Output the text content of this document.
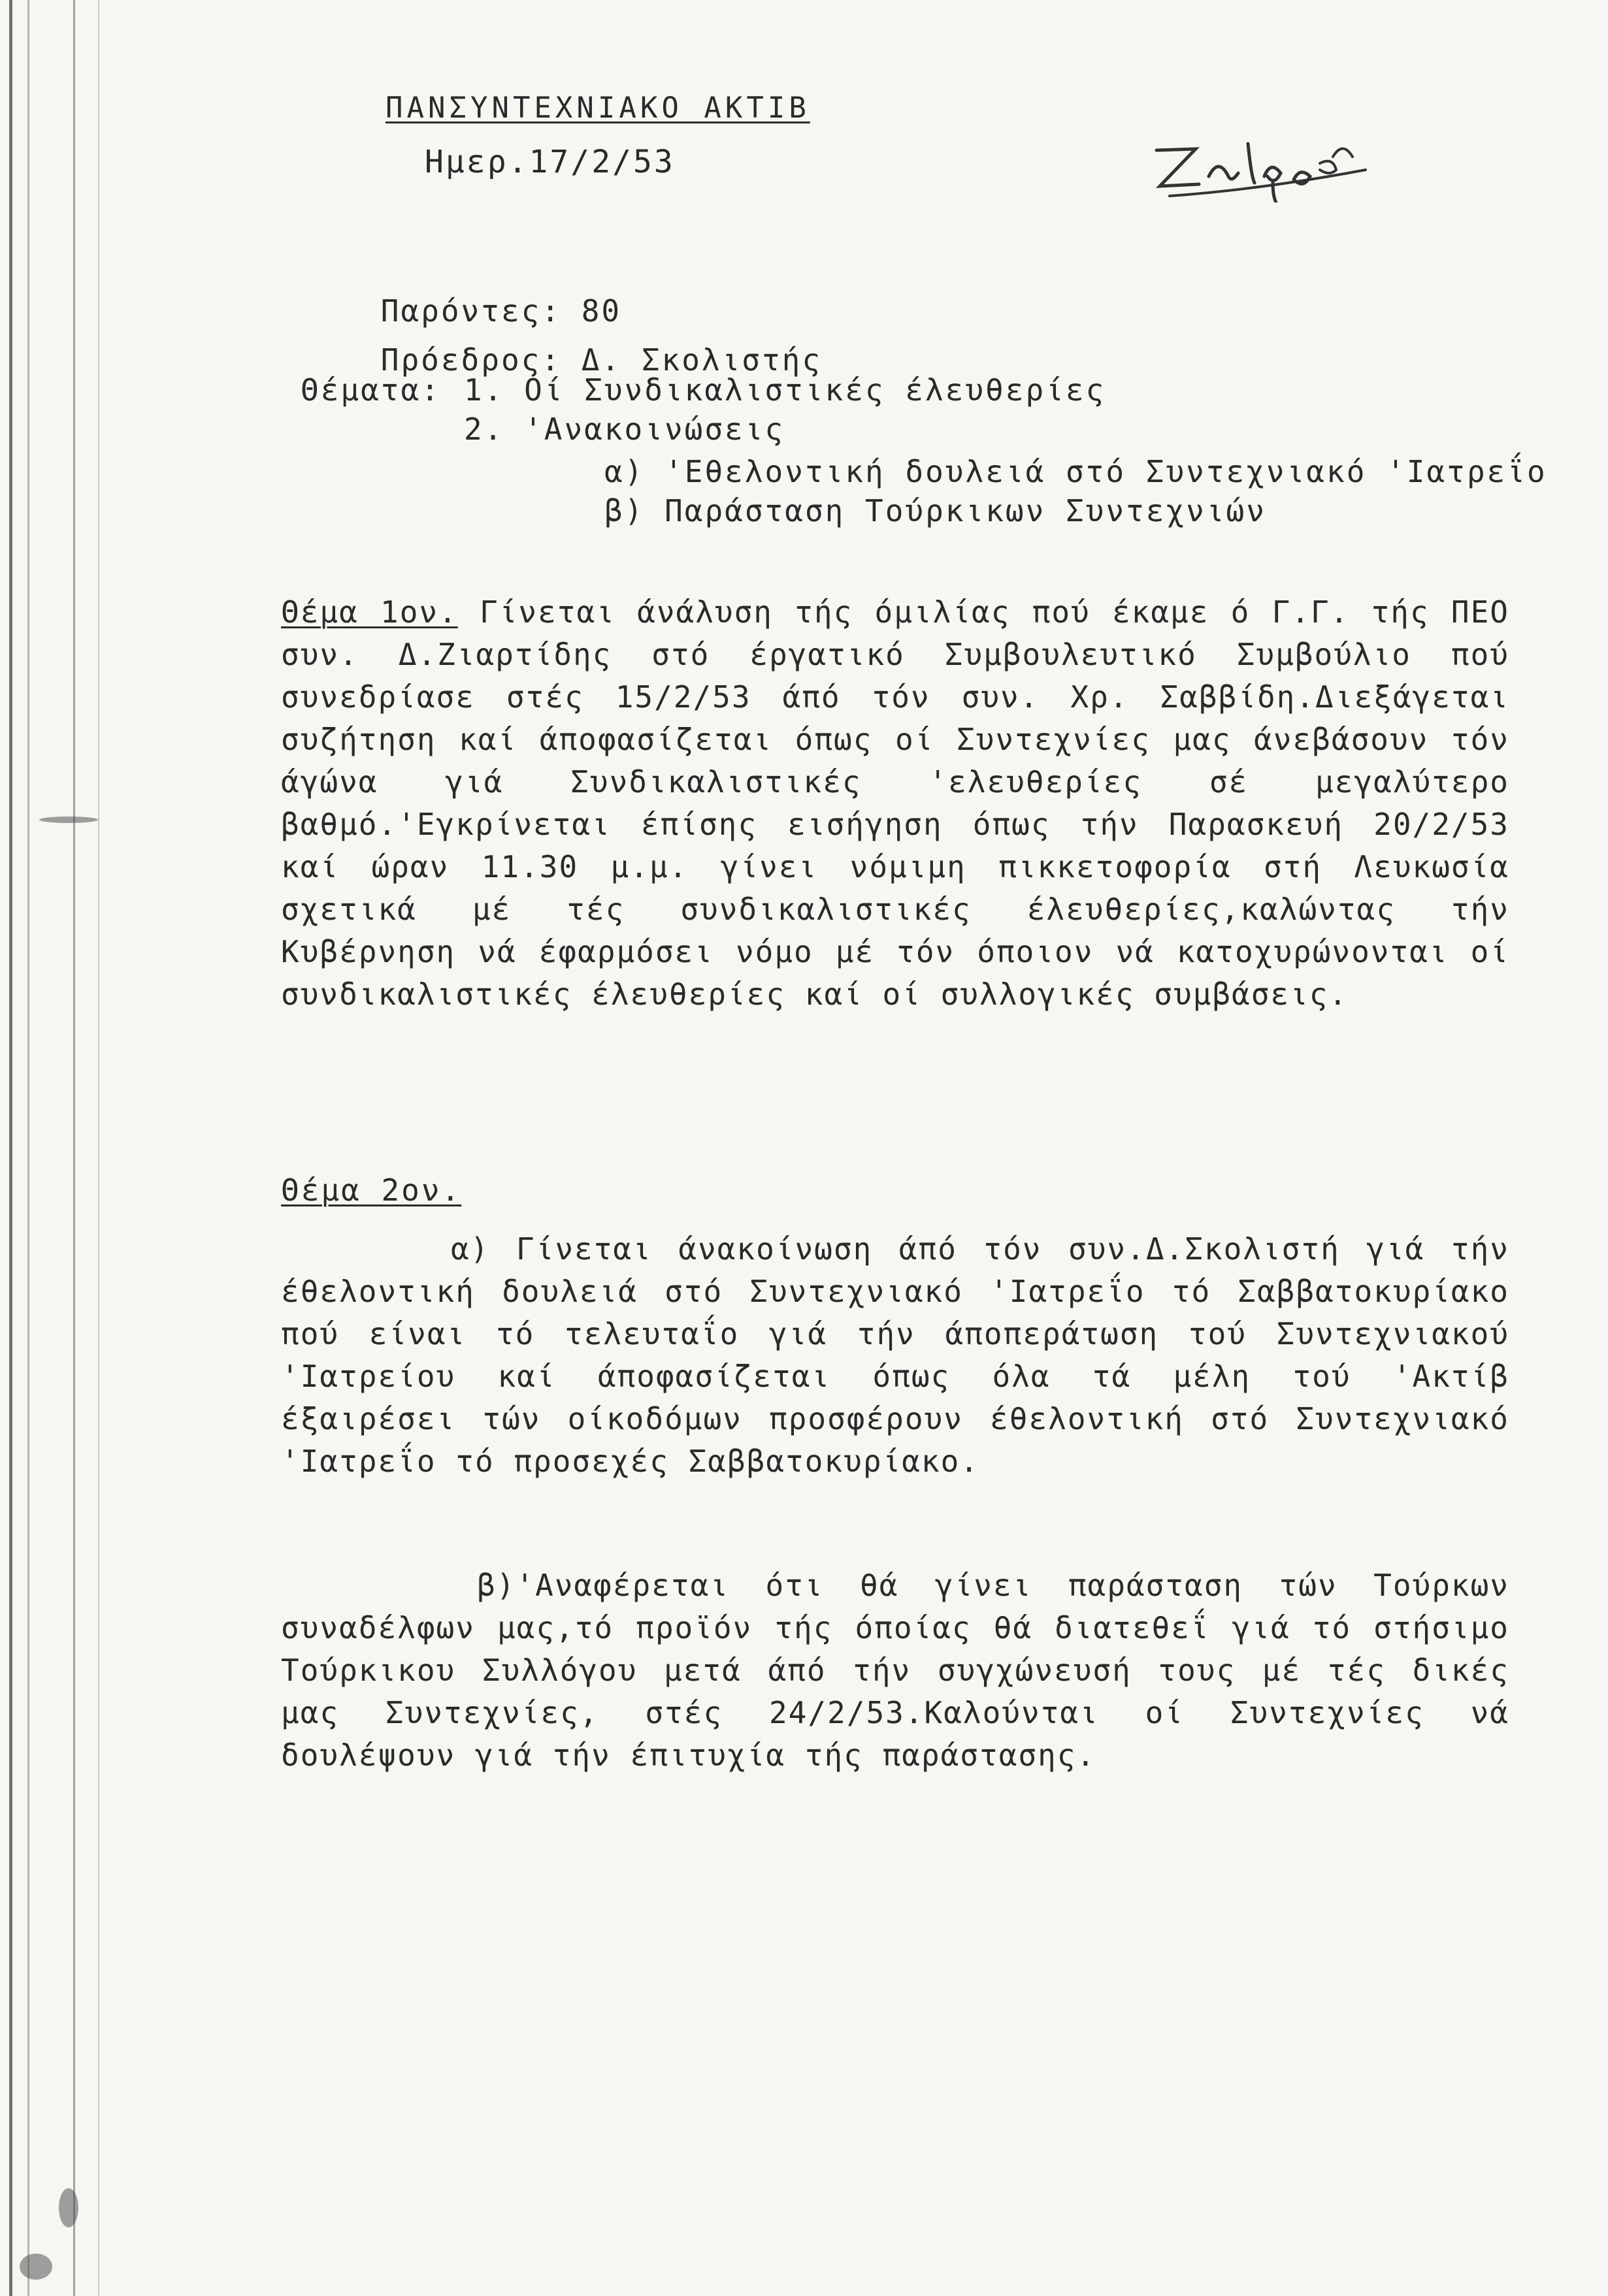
ΠΑΝΣΥΝΤΕΧΝΙΑΚΟ ΑΚΤΙΒ
Ημερ.17/2/53

Παρόντες: 80

Πρόεδρος: Δ. Σκολιστής

Θέματα: 1. Οί Συνδικαλιστικές έλευθερίες
2. 'Ανακοινώσεις
α) 'Εθελοντική δουλειά στό Συντεχνιακό 'Ιατρεΐο
β) Παράσταση Τούρκικων Συντεχνιών
Θέμα 1ον. Γίνεται άνάλυση τής όμιλίας πού έκαμε ό Γ.Γ. τής ΠΕΟ συν. Δ.Ζιαρτίδης στό έργατικό Συμβουλευτικό Συμβούλιο πού συνεδρίασε στές 15/2/53 άπό τόν συν. Χρ. Σαββίδη.Διεξάγεται συζήτηση καί άποφασίζεται όπως οί Συντεχνίες μας άνεβάσουν τόν άγώνα γιά Συνδικαλιστικές 'ελευθερίες σέ μεγαλύτερο βαθμό.'Εγκρίνεται έπίσης εισήγηση όπως τήν Παρασκευή 20/2/53 καί ώραν 11.30 μ.μ. γίνει νόμιμη πικκετοφορία στή Λευκωσία σχετικά μέ τές συνδικαλιστικές έλευθερίες,καλώντας τήν Κυβέρνηση νά έφαρμόσει νόμο μέ τόν όποιον νά κατοχυρώνονται οί συνδικαλιστικές έλευθερίες καί οί συλλογικές συμβάσεις.
Θέμα 2ον.
α) Γίνεται άνακοίνωση άπό τόν συν.Δ.Σκολιστή γιά τήν έθελοντική δουλειά στό Συντεχνιακό 'Ιατρεΐο τό Σαββατοκυρίακο πού είναι τό τελευταΐο γιά τήν άποπεράτωση τού Συντεχνιακού 'Ιατρείου καί άποφασίζεται όπως όλα τά μέλη τού 'Ακτίβ έξαιρέσει τών οίκοδόμων προσφέρουν έθελοντική στό Συντεχνιακό 'Ιατρεΐο τό προσεχές Σαββατοκυρίακο.
β)'Αναφέρεται ότι θά γίνει παράσταση τών Τούρκων συναδέλφων μας,τό προϊόν τής όποίας θά διατεθεΐ γιά τό στήσιμο Τούρκικου Συλλόγου μετά άπό τήν συγχώνευσή τους μέ τές δικές μας Συντεχνίες, στές 24/2/53.Καλούνται οί Συντεχνίες νά δουλέψουν γιά τήν έπιτυχία τής παράστασης.
